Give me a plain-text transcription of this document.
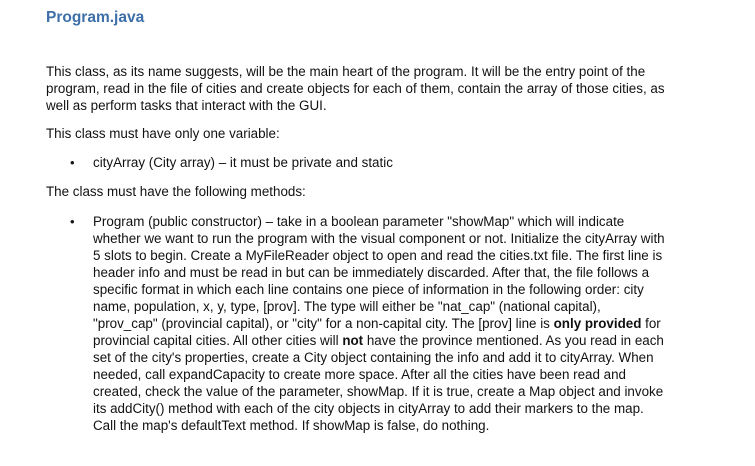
Program.java

This class, as its name suggests, will be the main heart of the program. It will be the entry point of the program, read in the file of cities and create objects for each of them, contain the array of those cities, as well as perform tasks that interact with the GUI.

• cityArray (City array) – it must be private and static

This class must have only one variable:

The class must have the following methods:

• Program (public constructor) – take in a boolean parameter "showMap" which will indicate whether we want to run the program with the visual component or not. Initialize the cityArray with 5 slots to begin. Create a MyFileReader object to open and read the cities.txt file. The first line is header info and must be read in but can be immediately discarded. After that, the file follows a specific format in which each line contains one piece of information in the following order: city name, population, x, y, type, [prov]. The type will either be "nat_cap" (national capital), "prov_cap" (provincial capital), or "city" for a non-capital city. The [prov] line is only provided for provincial capital cities. All other cities will not have the province mentioned. As you read in each set of the city's properties, create a City object containing the info and add it to cityArray. When needed, call expandCapacity to create more space. After all the cities have been read and created, check the value of the parameter, showMap. If it is true, create a Map object and invoke its addCity() method with each of the city objects in cityArray to add their markers to the map. Call the map's defaultText method. If showMap is false, do nothing.
